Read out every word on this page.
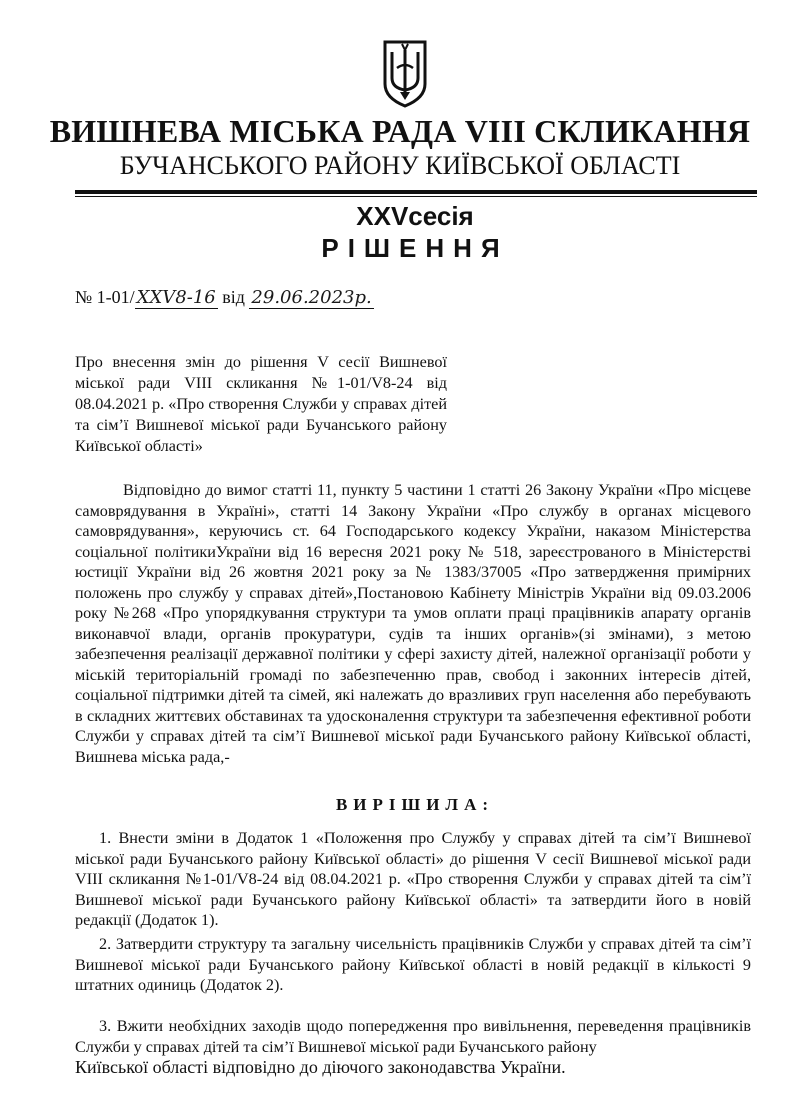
ВИШНЕВА МІСЬКА РАДА VIII СКЛИКАННЯ
БУЧАНСЬКОГО РАЙОНУ КИЇВСЬКОЇ ОБЛАСТІ
XXVсесія
РІШЕННЯ
№ 1-01/ XXV8-16 від 29.06.2023р.
Про внесення змін до рішення V сесії Вишневої міської ради VIII скликання №1-01/V8-24 від 08.04.2021 р. «Про створення Служби у справах дітей та сім’ї Вишневої міської ради Бучанського району Київської області»

Відповідно до вимог статті 11, пункту 5 частини 1 статті 26 Закону України «Про місцеве самоврядування в Україні», статті 14 Закону України «Про службу в органах місцевого самоврядування», керуючись ст. 64 Господарського кодексу України, наказом Міністерства соціальної політикиУкраїни від 16 вересня 2021 року № 518, зареєстрованого в Міністерстві юстиції України від 26 жовтня 2021 року за № 1383/37005 «Про затвердження примірних положень про службу у справах дітей»,Постановою Кабінету Міністрів України від 09.03.2006 року №268 «Про упорядкування структури та умов оплати праці працівників апарату органів виконавчої влади, органів прокуратури, судів та інших органів»(зі змінами), з метою забезпечення реалізації державної політики у сфері захисту дітей, належної організації роботи у міській територіальній громаді по забезпеченню прав, свобод і законних інтересів дітей, соціальної підтримки дітей та сімей, які належать до вразливих груп населення або перебувають в складних життєвих обставинах та удосконалення структури та забезпечення ефективної роботи Служби у справах дітей та сім’ї Вишневої міської ради Бучанського району Київської області, Вишнева міська рада,-

ВИРІШИЛА:

1. Внести зміни в Додаток 1 «Положення про Службу у справах дітей та сім’ї Вишневої міської ради Бучанського району Київської області» до рішення V сесії Вишневої міської ради VIII скликання №1-01/V8-24 від 08.04.2021 р. «Про створення Служби у справах дітей та сім’ї Вишневої міської ради Бучанського району Київської області» та затвердити його в новій редакції (Додаток 1).

2. Затвердити структуру та загальну чисельність працівників Служби у справах дітей та сім’ї Вишневої міської ради Бучанського району Київської області в новій редакції в кількості 9 штатних одиниць (Додаток 2).

3. Вжити необхідних заходів щодо попередження про вивільнення, переведення працівників Служби у справах дітей та сім’ї Вишневої міської ради Бучанського району

Київської області відповідно до діючого законодавства України.
